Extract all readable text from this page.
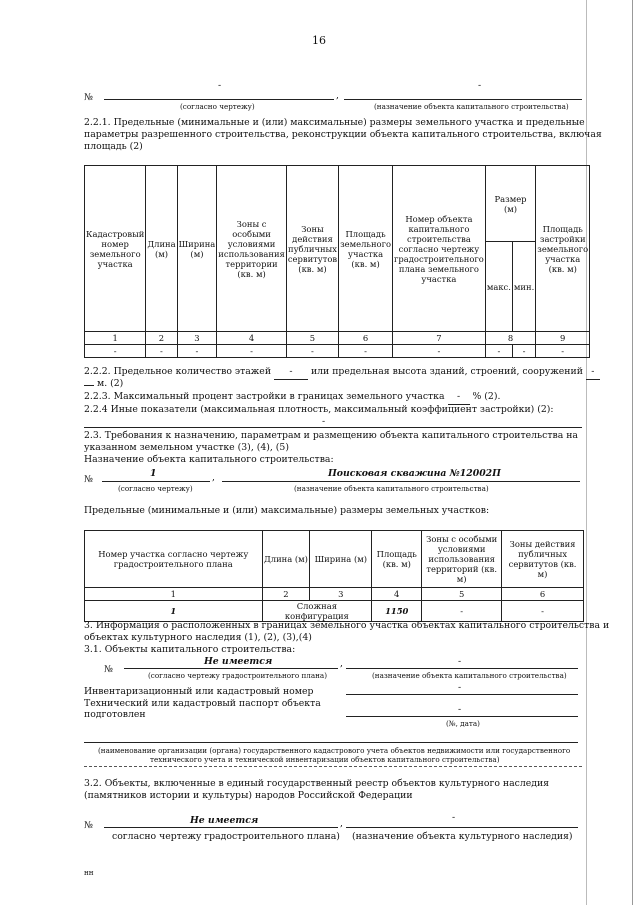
16
№
-	-
,
(согласно чертежу)	(назначение объекта капитального строительства)
2.2.1. Предельные (минимальные и (или) максимальные) размеры земельного участка и предельные
параметры разрешенного строительства, реконструкции объекта капитального строительства, включая
площадь (2)
Кадастровый номер земельного участка	Длина (м)	Ширина (м)	Зоны с особыми условиями использования территории (кв. м)	Зоны действия публичных сервитутов (кв. м)	Площадь земельного участка (кв. м)	Номер объекта капитального строительства согласно чертежу градостроительного плана земельного участка	Размер (м)		Площадь застройки земельного участка (кв. м)
							макс.	мин.	
1	2	3	4	5	6	7	8		9
-	-	-	-	-	-	-	-	-	-
2.2.2. Предельное количество этажей - или предельная высота зданий, строений, сооружений -
м. (2)
2.2.3. Максимальный процент застройки в границах земельного участка - % (2).
2.2.4 Иные показатели (максимальная плотность, максимальный коэффициент застройки) (2):
-
2.3. Требования к назначению, параметрам и размещению объекта капитального строительства на
указанном земельном участке (3), (4), (5)
Назначение объекта капитального строительства:
№
1	,	Поисковая скважина №12002П
(согласно чертежу)	(назначение объекта капитального строительства)
Предельные (минимальные и (или) максимальные) размеры земельных участков:
Номер участка согласно чертежу градостроительного плана	Длина (м)	Ширина (м)	Площадь (кв. м)	Зоны с особыми условиями использования территорий (кв. м)	Зоны действия публичных сервитутов (кв. м)
1	2	3	4	5	6
1	Сложная конфигурация		1150	-	-
3. Информация о расположенных в границах земельного участка объектах капитального строительства и
объектах культурного наследия (1), (2), (3),(4)
3.1. Объекты капитального строительства:
№
Не имеется	,	-
(согласно чертежу градостроительного плана)	(назначение объекта капитального строительства)
Инвентаризационный или кадастровый номер	-
Технический или кадастровый паспорт объекта
подготовлен	-
(№, дата)
(наименование организации (органа) государственного кадастрового учета объектов недвижимости или государственного
технического учета и технической инвентаризации объектов капитального строительства)
3.2. Объекты, включенные в единый государственный реестр объектов культурного наследия
(памятников истории и культуры) народов Российской Федерации
№	Не имеется	,
-
согласно чертежу градостроительного плана) (назначение объекта культурного наследия)
нн
